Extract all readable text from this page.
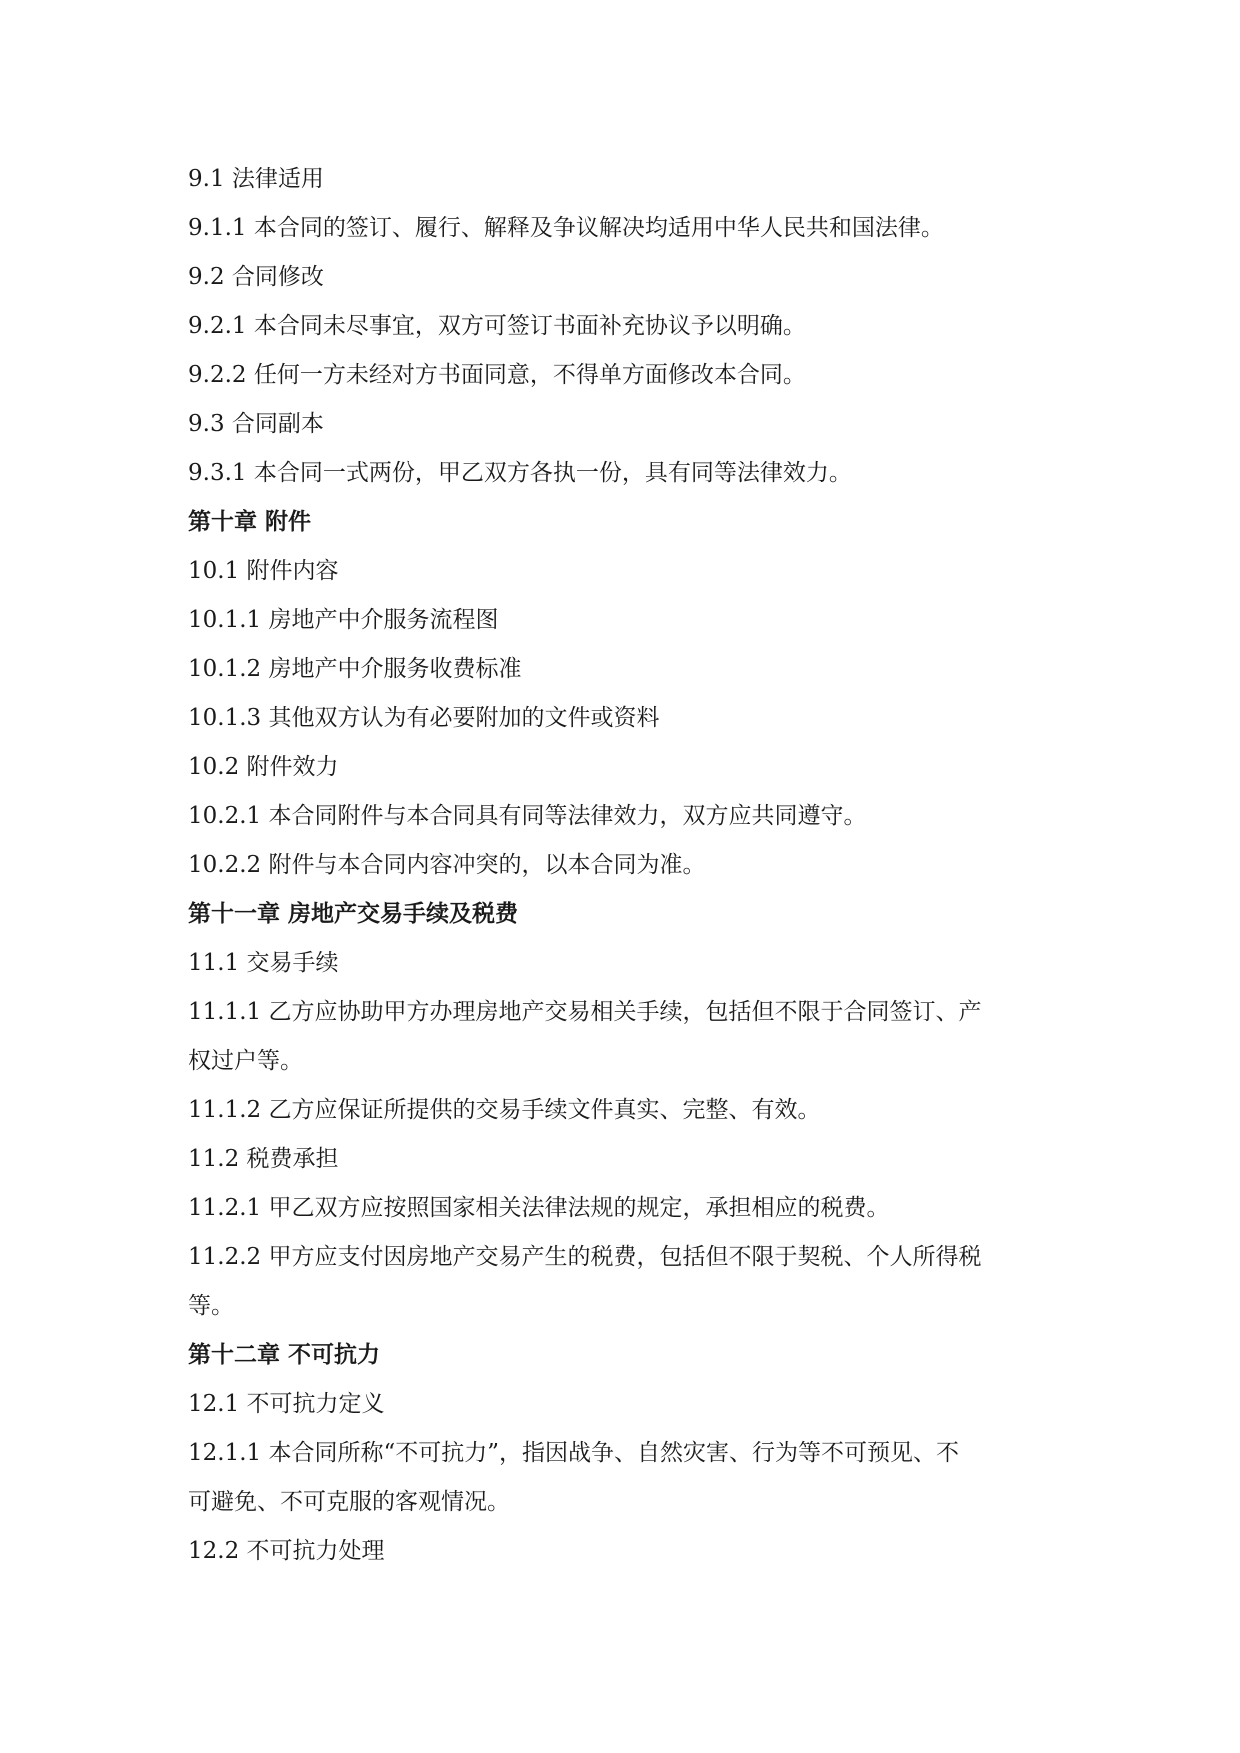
9.1 法律适用

9.1.1 本合同的签订、履行、解释及争议解决均适用中华人民共和国法律。

9.2 合同修改

9.2.1 本合同未尽事宜，双方可签订书面补充协议予以明确。

9.2.2 任何一方未经对方书面同意，不得单方面修改本合同。

9.3 合同副本

9.3.1 本合同一式两份，甲乙双方各执一份，具有同等法律效力。

第十章 附件

10.1 附件内容

10.1.1 房地产中介服务流程图

10.1.2 房地产中介服务收费标准

10.1.3 其他双方认为有必要附加的文件或资料

10.2 附件效力

10.2.1 本合同附件与本合同具有同等法律效力，双方应共同遵守。

10.2.2 附件与本合同内容冲突的，以本合同为准。

第十一章 房地产交易手续及税费

11.1 交易手续

11.1.1 乙方应协助甲方办理房地产交易相关手续，包括但不限于合同签订、产

权过户等。

11.1.2 乙方应保证所提供的交易手续文件真实、完整、有效。

11.2 税费承担

11.2.1 甲乙双方应按照国家相关法律法规的规定，承担相应的税费。

11.2.2 甲方应支付因房地产交易产生的税费，包括但不限于契税、个人所得税

等。

第十二章 不可抗力

12.1 不可抗力定义

12.1.1 本合同所称“不可抗力”，指因战争、自然灾害、行为等不可预见、不

可避免、不可克服的客观情况。

12.2 不可抗力处理
